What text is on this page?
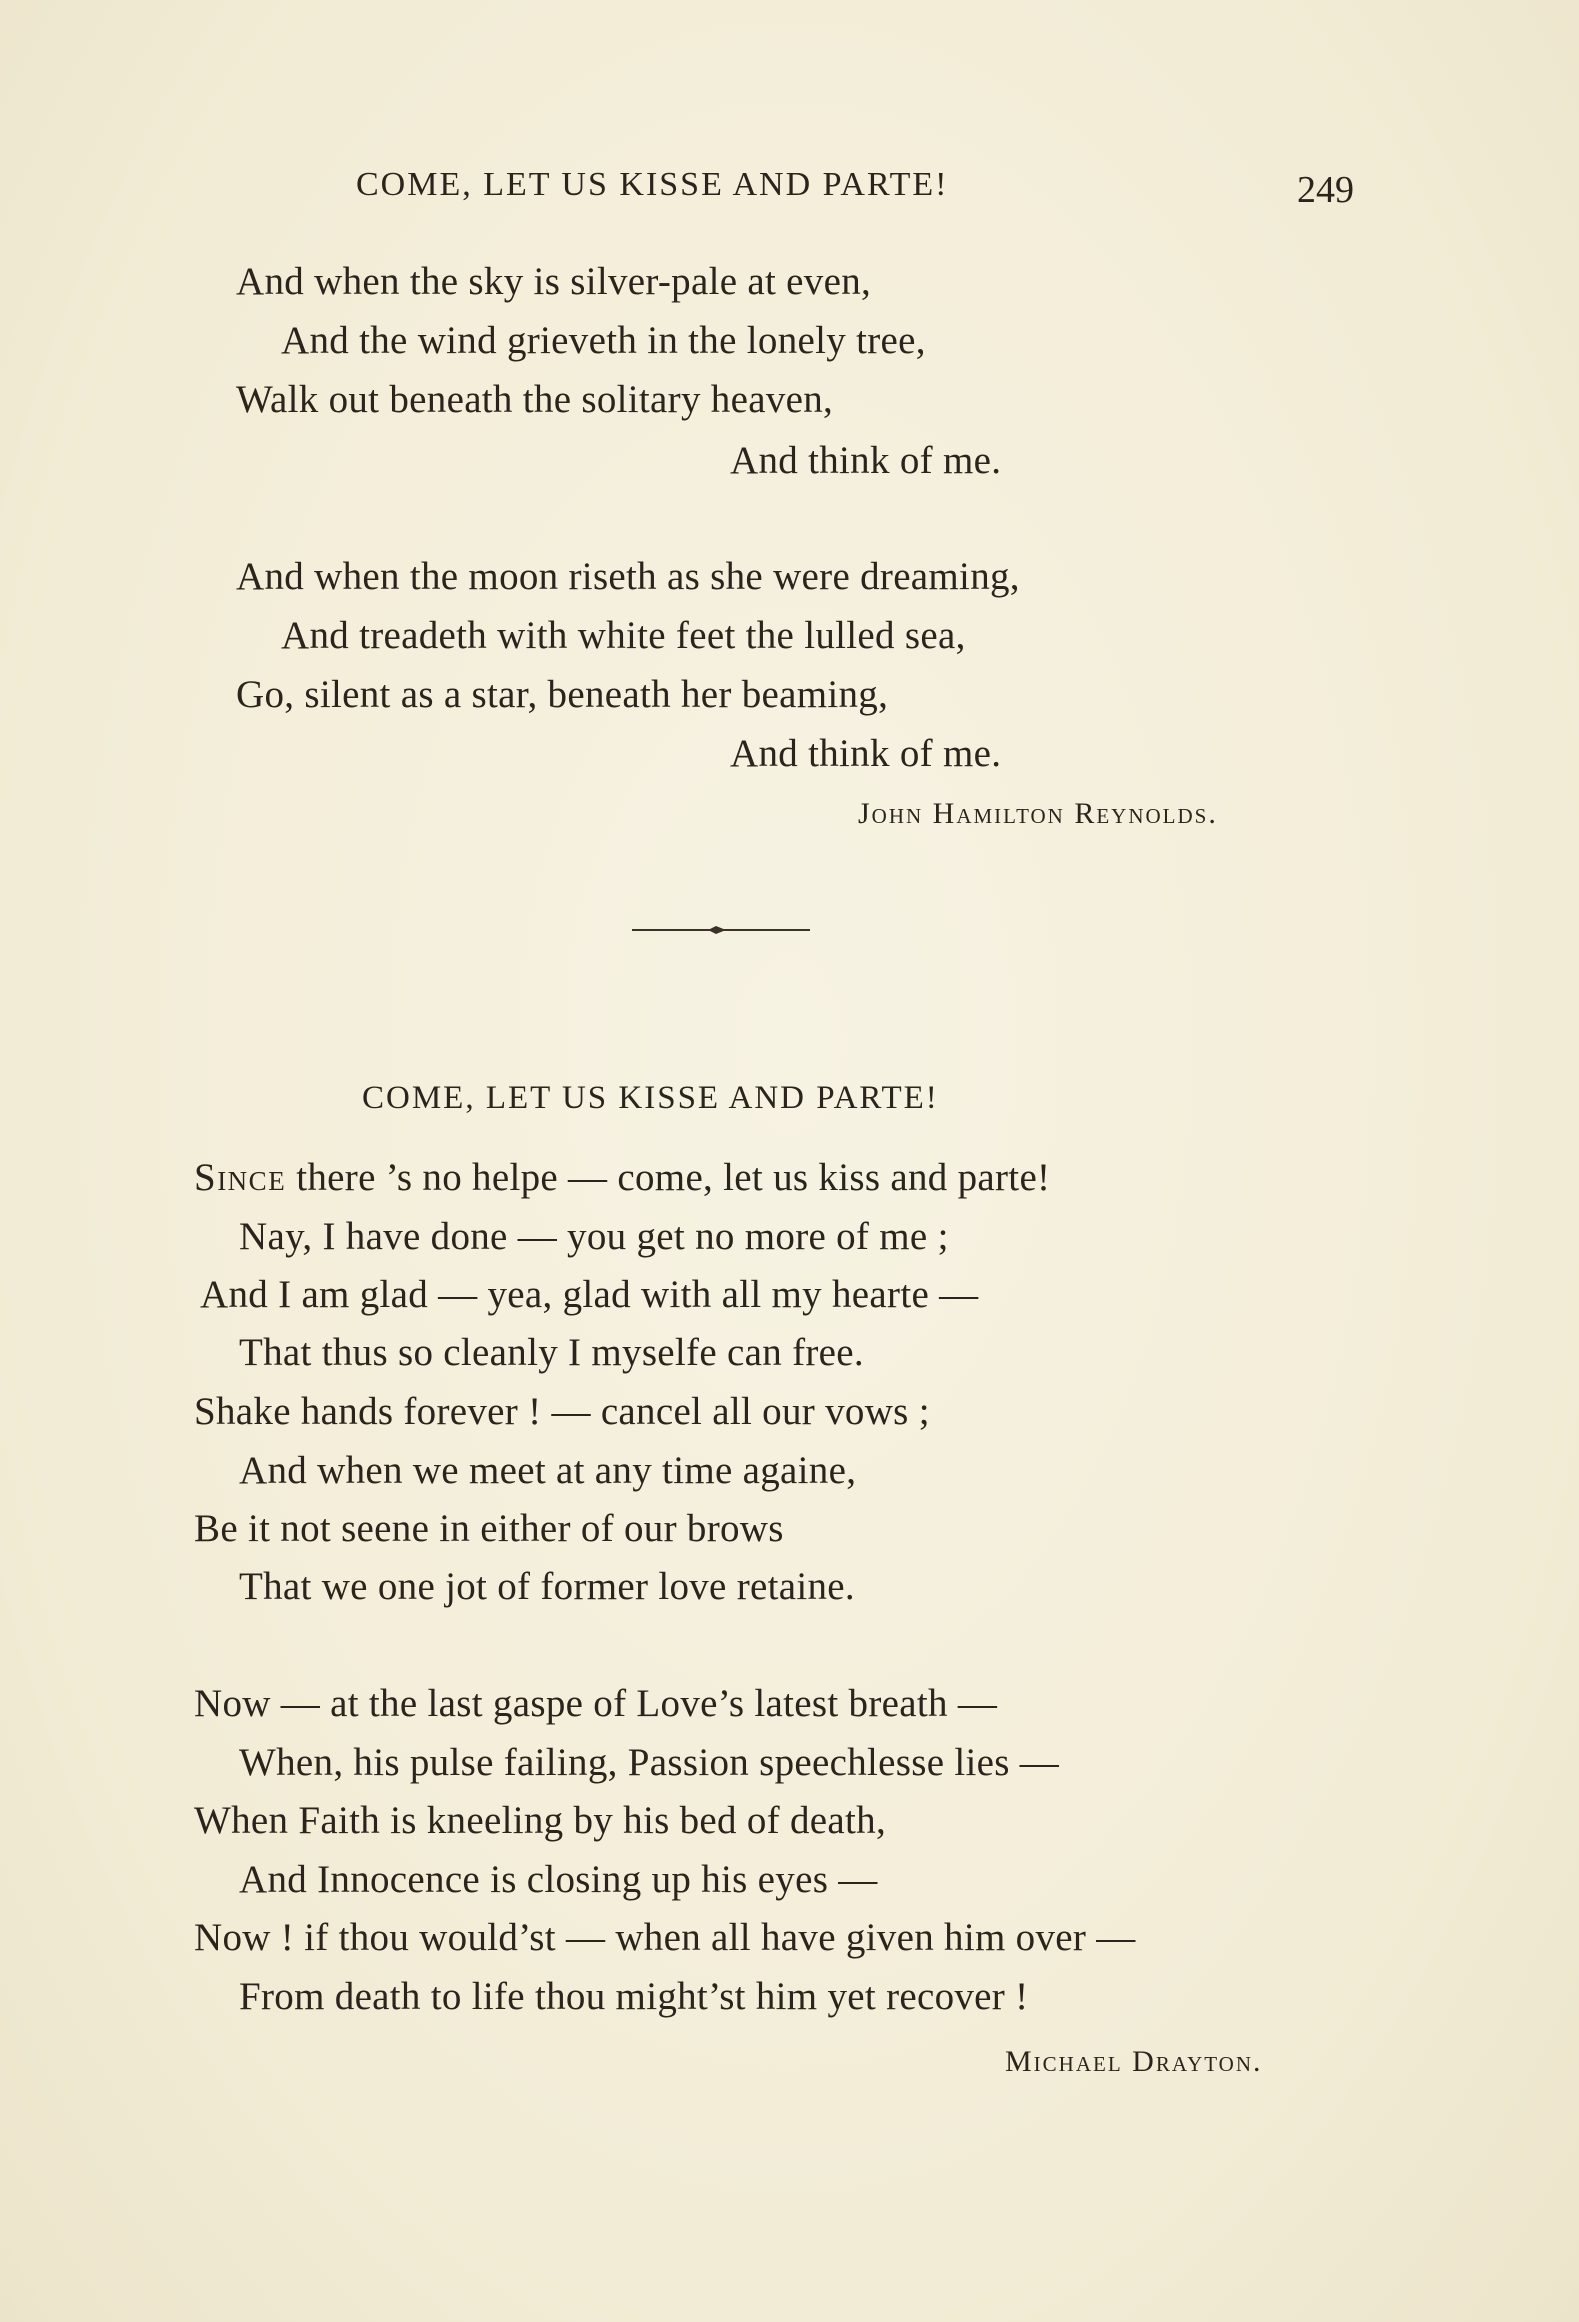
COME, LET US KISSE AND PARTE!	249
And when the sky is silver-pale at even,
And the wind grieveth in the lonely tree,
Walk out beneath the solitary heaven,
And think of me.
And when the moon riseth as she were dreaming,
And treadeth with white feet the lulled sea,
Go, silent as a star, beneath her beaming,
And think of me.
John Hamilton Reynolds.
COME, LET US KISSE AND PARTE!
Since there ’s no helpe — come, let us kiss and parte!
Nay, I have done — you get no more of me ;
And I am glad — yea, glad with all my hearte —
That thus so cleanly I myselfe can free.
Shake hands forever ! — cancel all our vows ;
And when we meet at any time againe,
Be it not seene in either of our brows
That we one jot of former love retaine.
Now — at the last gaspe of Love’s latest breath —
When, his pulse failing, Passion speechlesse lies —
When Faith is kneeling by his bed of death,
And Innocence is closing up his eyes —
Now ! if thou would’st — when all have given him over —
From death to life thou might’st him yet recover !
Michael Drayton.
